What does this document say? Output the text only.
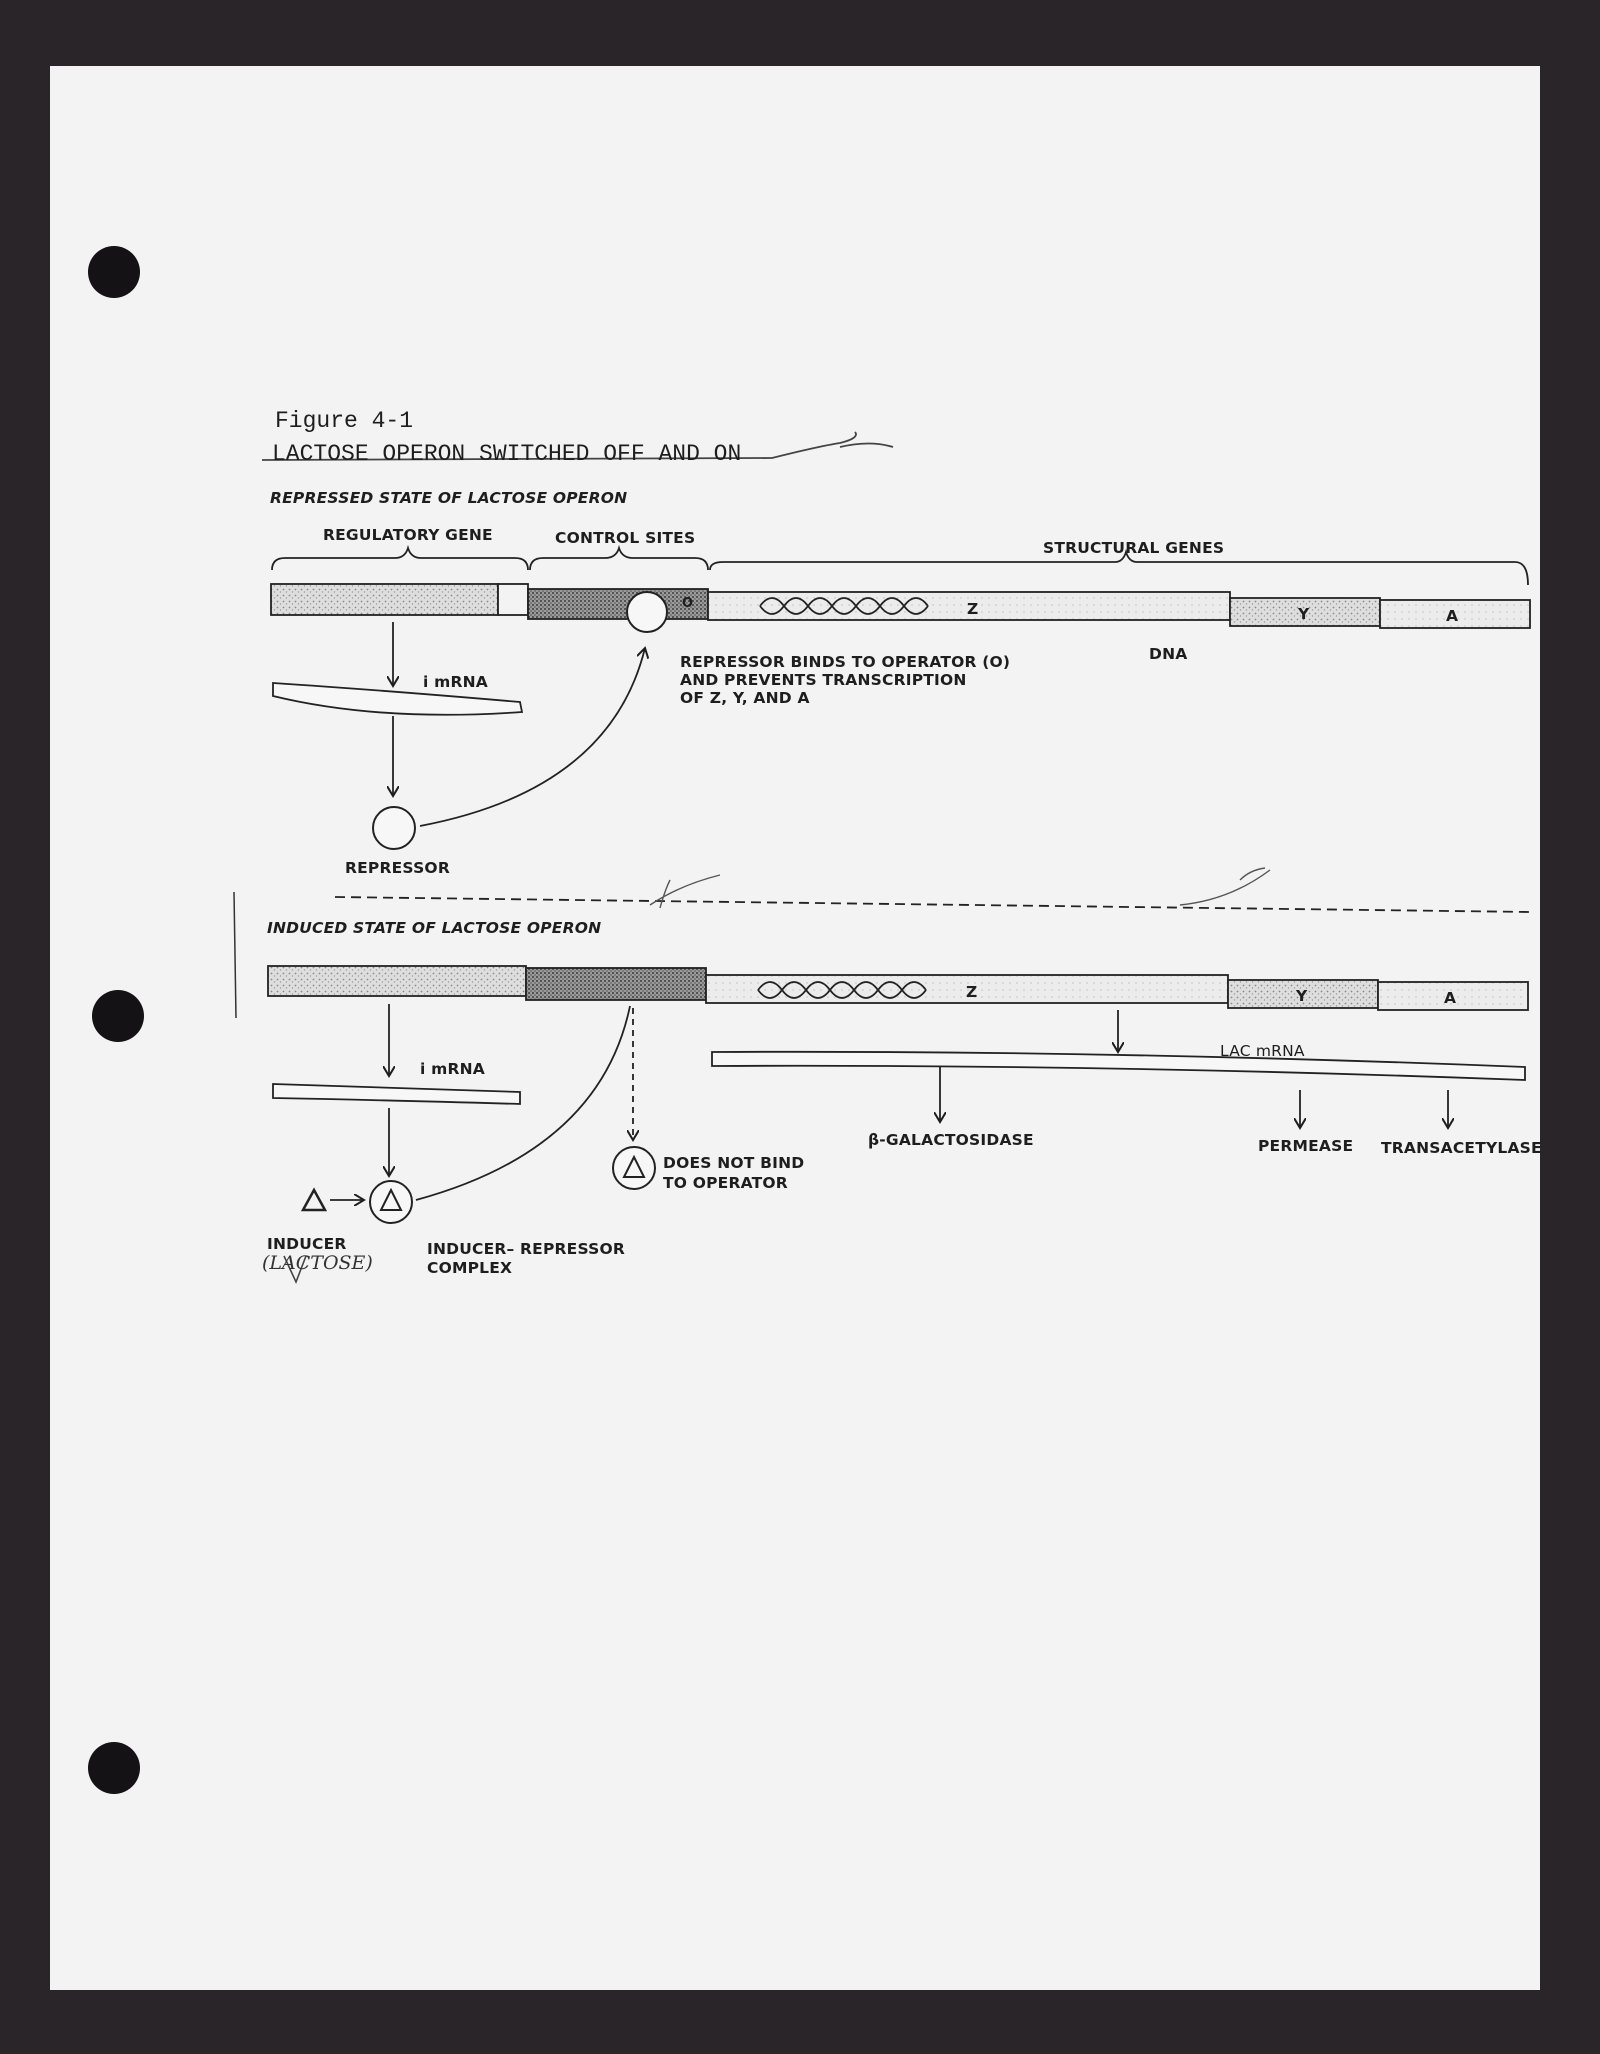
Figure 4-1
LACTOSE OPERON SWITCHED OFF AND ON
REPRESSED STATE OF LACTOSE OPERON
REGULATORY GENE	CONTROL SITES
STRUCTURAL GENES
O	Z	Y	A
DNA
REPRESSOR BINDS TO OPERATOR (O)
AND PREVENTS TRANSCRIPTION
OF Z, Y, AND A
i mRNA
REPRESSOR
INDUCED STATE OF LACTOSE OPERON
Z	Y	A
i mRNA
LAC mRNA
β-GALACTOSIDASE	PERMEASE TRANSACETYLASE
DOES NOT BIND
TO OPERATOR
INDUCER
(LACTOSE)
INDUCER– REPRESSOR
COMPLEX
